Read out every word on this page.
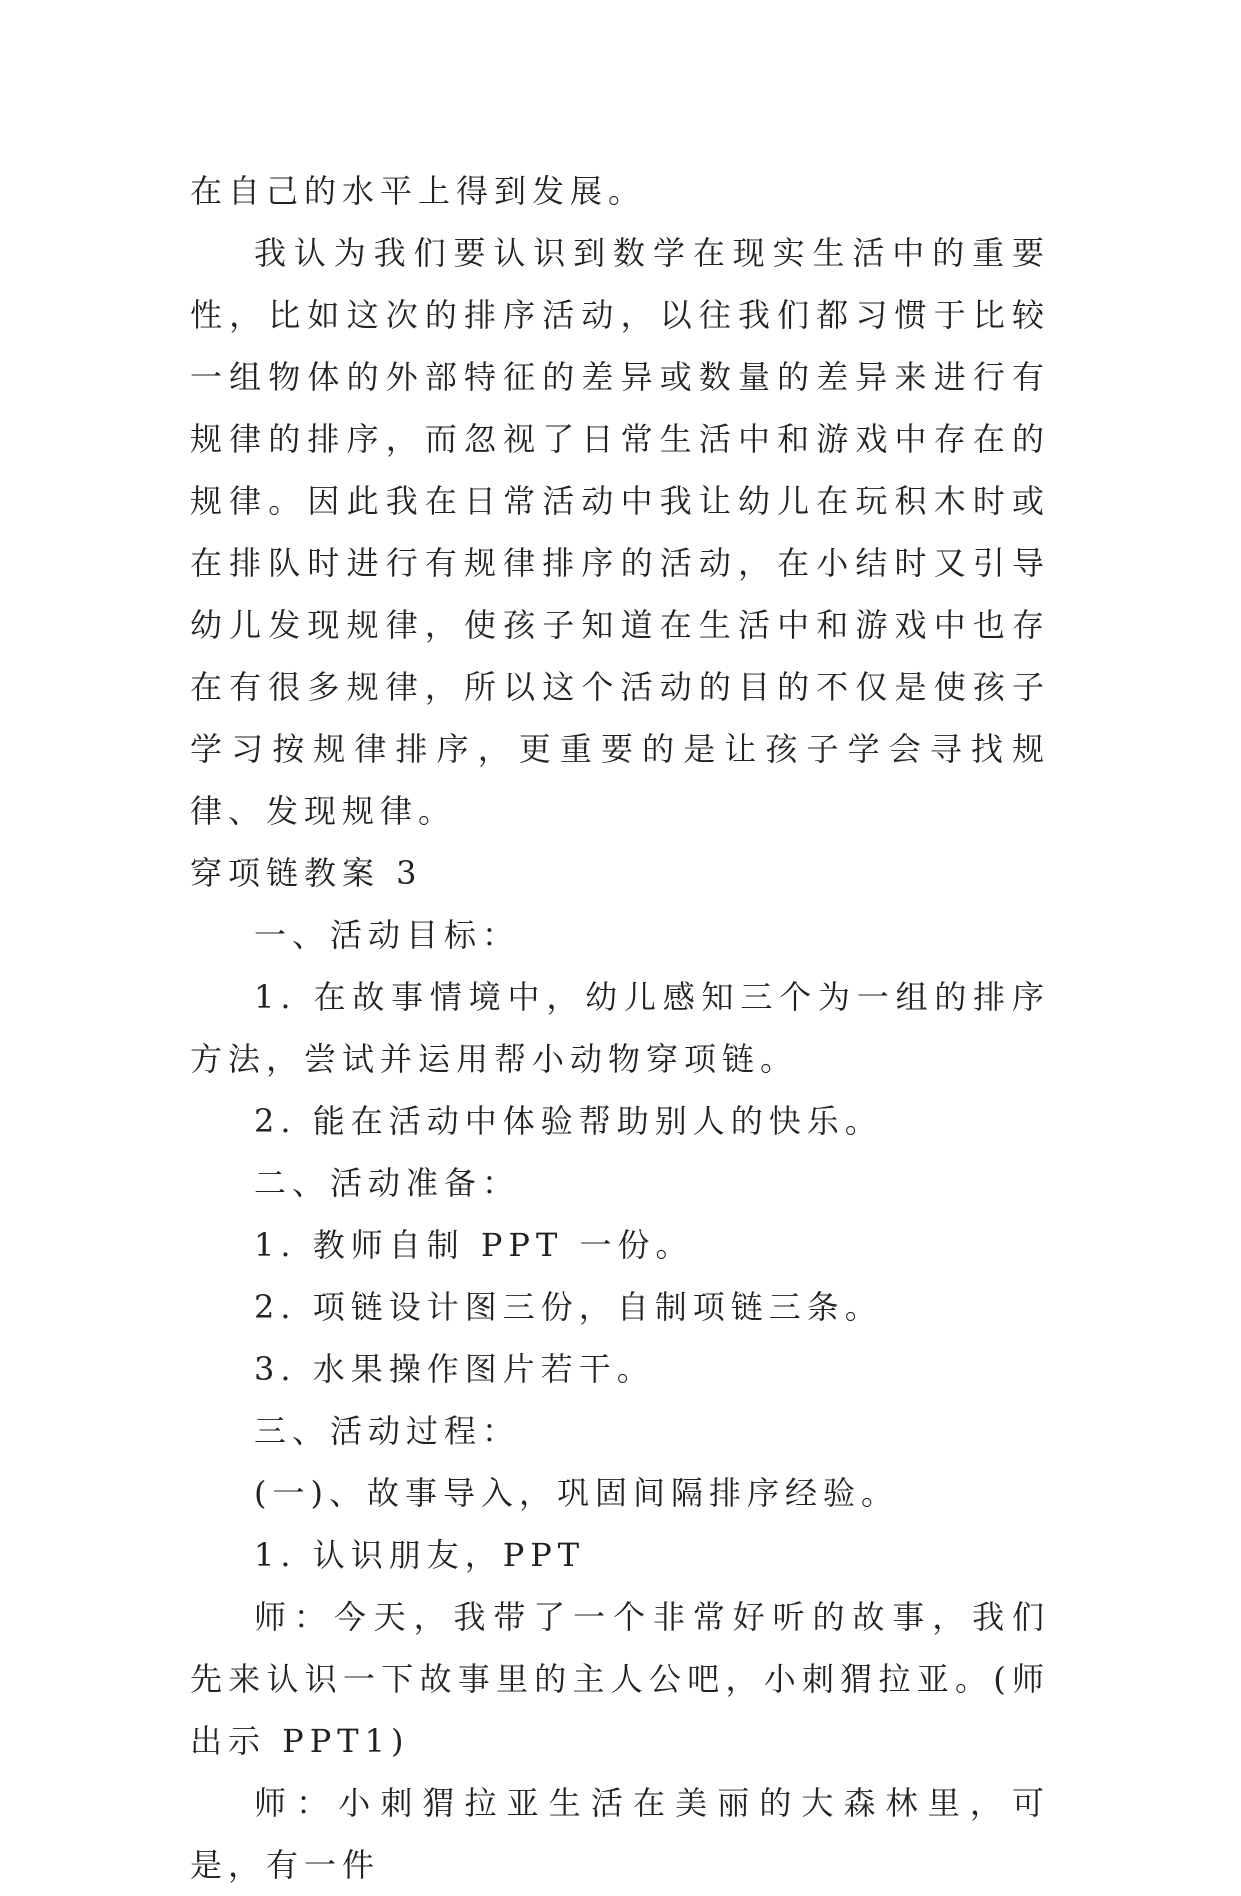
在自己的水平上得到发展。

我认为我们要认识到数学在现实生活中的重要性，比如这次的排序活动，以往我们都习惯于比较一组物体的外部特征的差异或数量的差异来进行有规律的排序，而忽视了日常生活中和游戏中存在的规律。因此我在日常活动中我让幼儿在玩积木时或在排队时进行有规律排序的活动，在小结时又引导幼儿发现规律，使孩子知道在生活中和游戏中也存在有很多规律，所以这个活动的目的不仅是使孩子学习按规律排序，更重要的是让孩子学会寻找规律、发现规律。

穿项链教案 3

一、活动目标：

1. 在故事情境中，幼儿感知三个为一组的排序方法，尝试并运用帮小动物穿项链。

2. 能在活动中体验帮助别人的快乐。

二、活动准备：

1. 教师自制 PPT 一份。

2. 项链设计图三份，自制项链三条。

3. 水果操作图片若干。

三、活动过程：

(一)、故事导入，巩固间隔排序经验。

1. 认识朋友，PPT

师：今天，我带了一个非常好听的故事，我们先来认识一下故事里的主人公吧，小刺猬拉亚。(师出示 PPT1)

师：小刺猬拉亚生活在美丽的大森林里，可是，有一件
